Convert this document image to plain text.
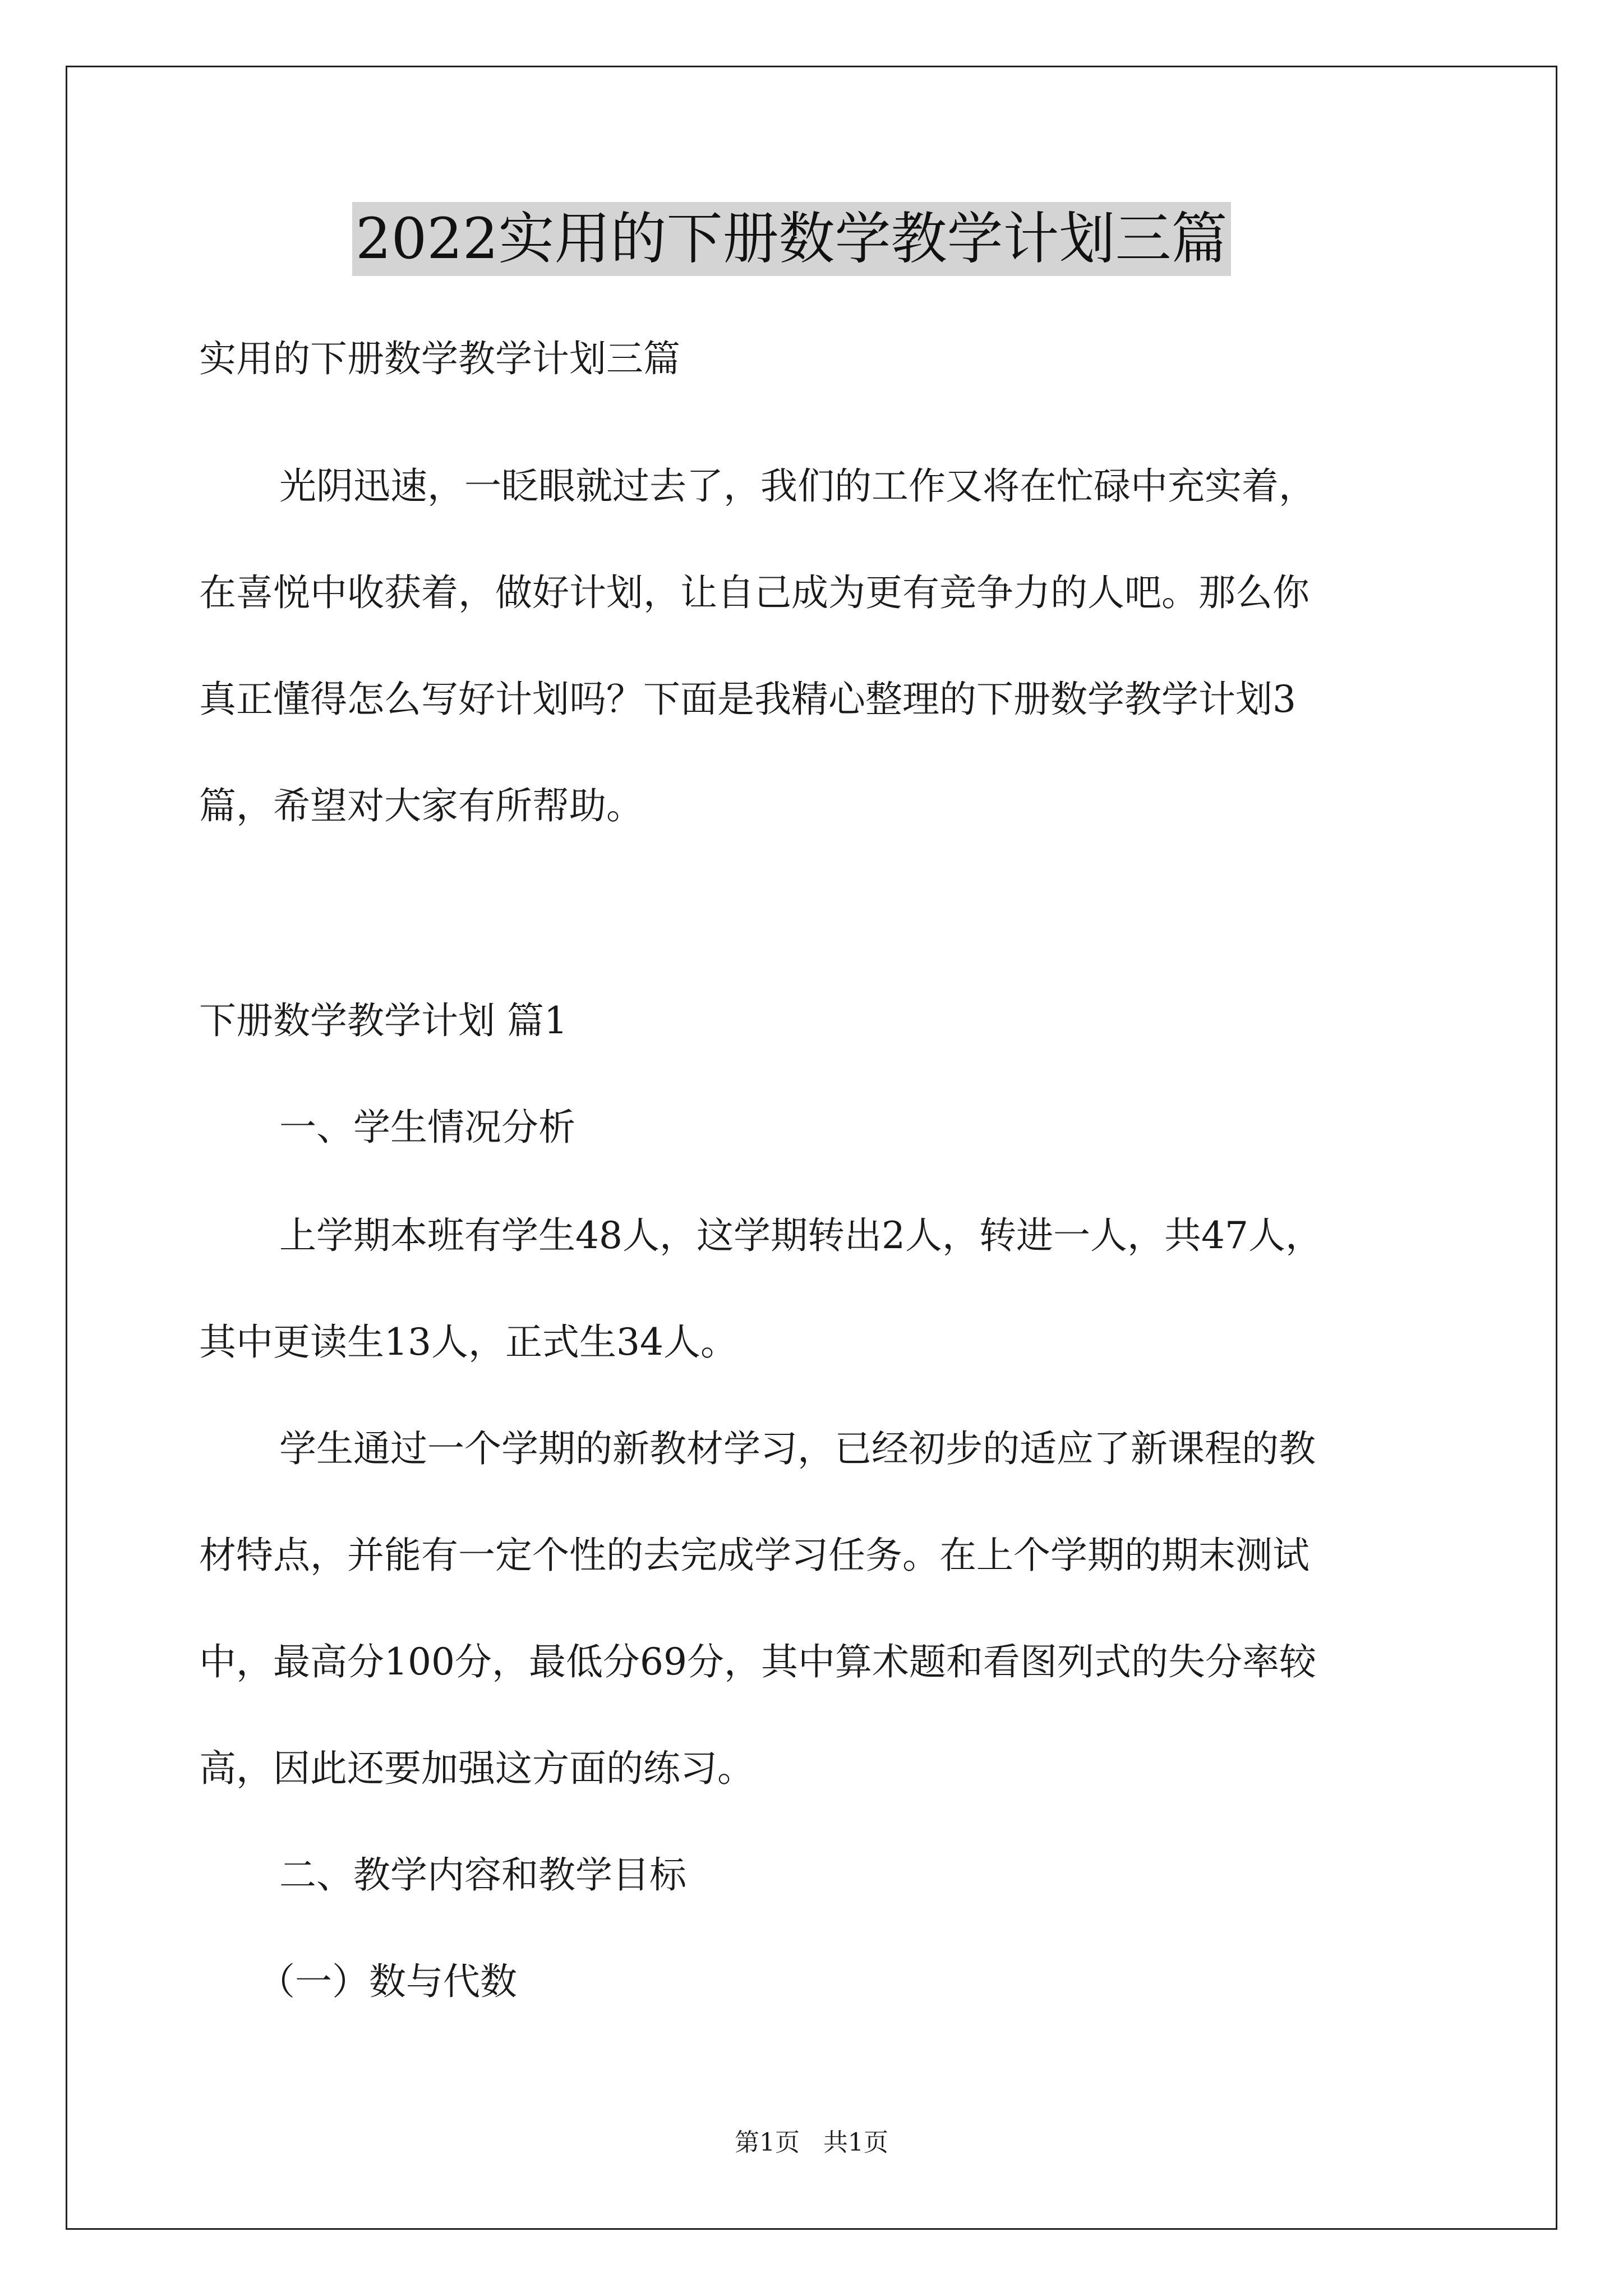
2022实用的下册数学教学计划三篇
实用的下册数学教学计划三篇
光阴迅速，一眨眼就过去了，我们的工作又将在忙碌中充实着，
在喜悦中收获着，做好计划，让自己成为更有竞争力的人吧。那么你
真正懂得怎么写好计划吗？下面是我精心整理的下册数学教学计划3
篇，希望对大家有所帮助。
下册数学教学计划 篇1
一、学生情况分析
上学期本班有学生48人，这学期转出2人，转进一人，共47人，
其中更读生13人，正式生34人。
学生通过一个学期的新教材学习，已经初步的适应了新课程的教
材特点，并能有一定个性的去完成学习任务。在上个学期的期末测试
中，最高分100分，最低分69分，其中算术题和看图列式的失分率较
高，因此还要加强这方面的练习。
二、教学内容和教学目标
（一）数与代数
第1页   共1页
